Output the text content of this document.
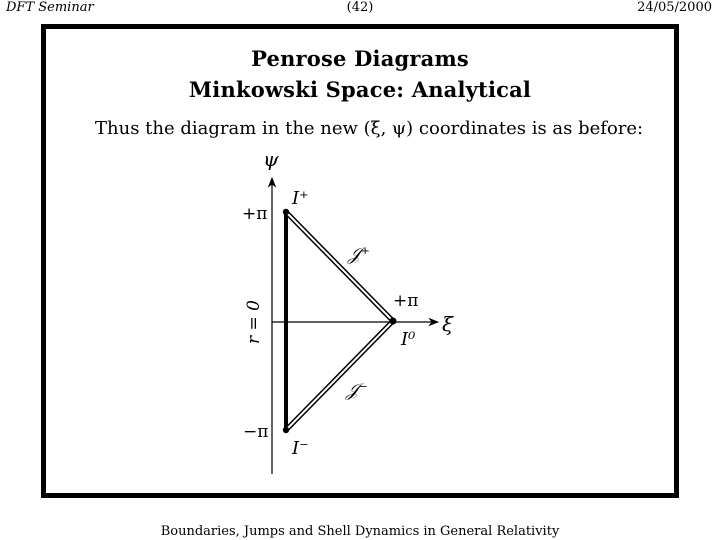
DFT Seminar	(42)	24/05/2000
Penrose Diagrams
Minkowski Space: Analytical
Thus the diagram in the new (ξ, ψ) coordinates is as before:
ψ
ξ
+π
−π
+π
r = 0
I⁺
I⁻
I⁰
𝒥⁺
𝒥⁻
Boundaries, Jumps and Shell Dynamics in General Relativity
